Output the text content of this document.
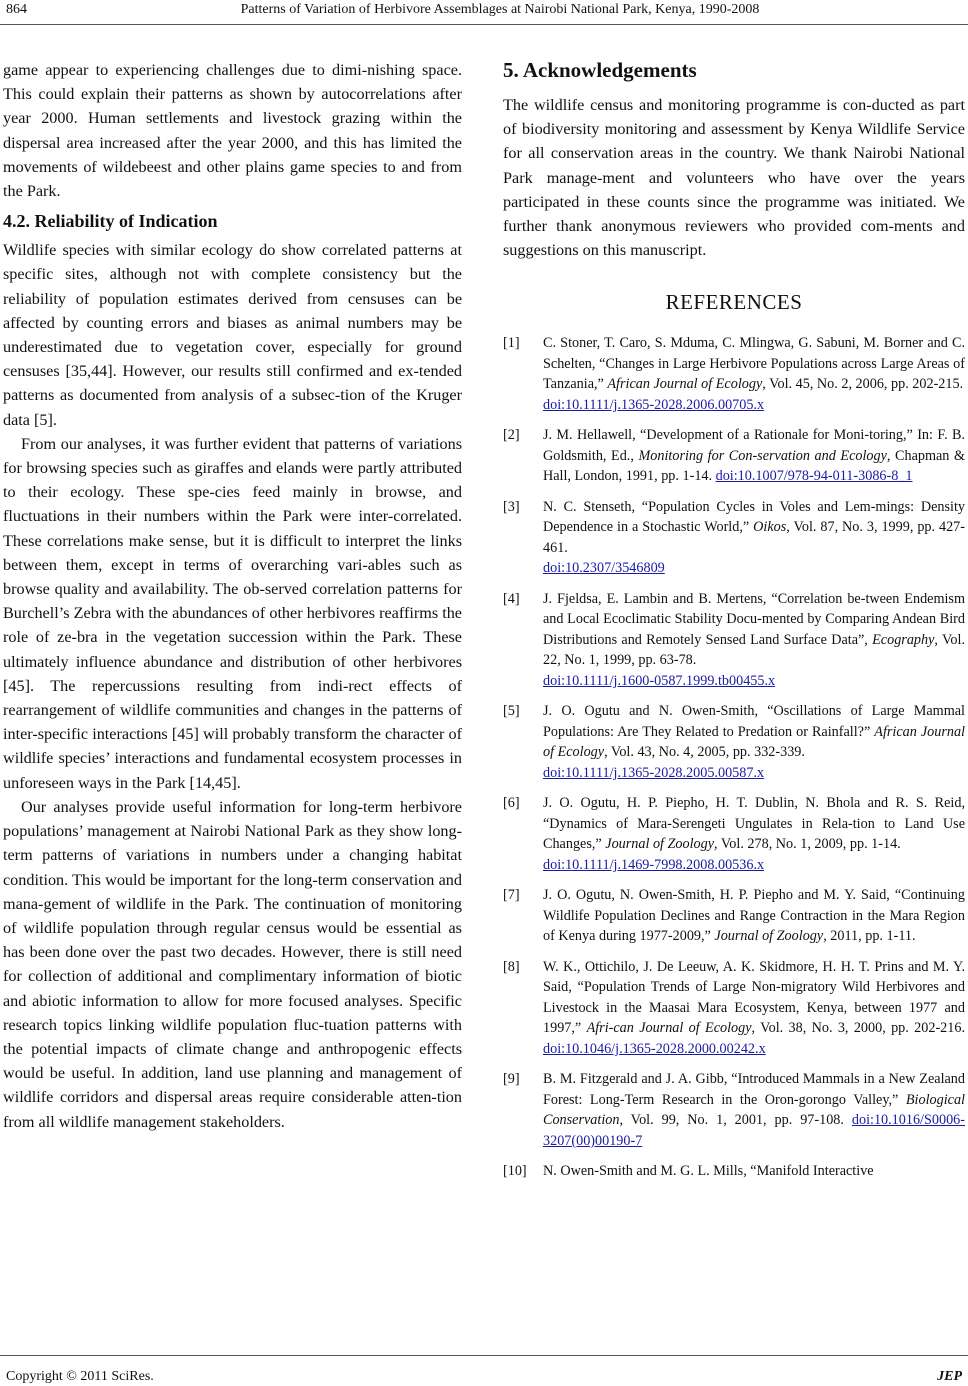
864	Patterns of Variation of Herbivore Assemblages at Nairobi National Park, Kenya, 1990-2008

game appear to experiencing challenges due to dimi-nishing space. This could explain their patterns as shown by autocorrelations after year 2000. Human settlements and livestock grazing within the dispersal area increased after the year 2000, and this has limited the movements of wildebeest and other plains game species to and from the Park.

4.2. Reliability of Indication

Wildlife species with similar ecology do show correlated patterns at specific sites, although not with complete consistency but the reliability of population estimates derived from censuses can be affected by counting errors and biases as animal numbers may be underestimated due to vegetation cover, especially for ground censuses [35,44]. However, our results still confirmed and ex-tended patterns as documented from analysis of a subsec-tion of the Kruger data [5].

From our analyses, it was further evident that patterns of variations for browsing species such as giraffes and elands were partly attributed to their ecology. These spe-cies feed mainly in browse, and fluctuations in their numbers within the Park were inter-correlated. These correlations make sense, but it is difficult to interpret the links between them, except in terms of overarching vari-ables such as browse quality and availability. The ob-served correlation patterns for Burchell’s Zebra with the abundances of other herbivores reaffirms the role of ze-bra in the vegetation succession within the Park. These ultimately influence abundance and distribution of other herbivores [45]. The repercussions resulting from indi-rect effects of rearrangement of wildlife communities and changes in the patterns of inter-specific interactions [45] will probably transform the character of wildlife species’ interactions and fundamental ecosystem processes in unforeseen ways in the Park [14,45].

Our analyses provide useful information for long-term herbivore populations’ management at Nairobi National Park as they show long-term patterns of variations in numbers under a changing habitat condition. This would be important for the long-term conservation and mana-gement of wildlife in the Park. The continuation of monitoring of wildlife population through regular census would be essential as has been done over the past two decades. However, there is still need for collection of additional and complimentary information of biotic and abiotic information to allow for more focused analyses. Specific research topics linking wildlife population fluc-tuation patterns with the potential impacts of climate change and anthropogenic effects would be useful. In addition, land use planning and management of wildlife corridors and dispersal areas require considerable atten-tion from all wildlife management stakeholders.

5. Acknowledgements

The wildlife census and monitoring programme is con-ducted as part of biodiversity monitoring and assessment by Kenya Wildlife Service for all conservation areas in the country. We thank Nairobi National Park manage-ment and volunteers who have over the years participated in these counts since the programme was initiated. We further thank anonymous reviewers who provided com-ments and suggestions on this manuscript.

REFERENCES
[1]	C. Stoner, T. Caro, S. Mduma, C. Mlingwa, G. Sabuni, M. Borner and C. Schelten, “Changes in Large Herbivore Populations across Large Areas of Tanzania,” African Journal of Ecology, Vol. 45, No. 2, 2006, pp. 202-215.
doi:10.1111/j.1365-2028.2006.00705.x
[2]	J. M. Hellawell, “Development of a Rationale for Moni-toring,” In: F. B. Goldsmith, Ed., Monitoring for Con-servation and Ecology, Chapman & Hall, London, 1991, pp. 1-14. doi:10.1007/978-94-011-3086-8_1
[3]	N. C. Stenseth, “Population Cycles in Voles and Lem-mings: Density Dependence in a Stochastic World,” Oikos, Vol. 87, No. 3, 1999, pp. 427-461.
doi:10.2307/3546809
[4]	J. Fjeldsa, E. Lambin and B. Mertens, “Correlation be-tween Endemism and Local Ecoclimatic Stability Docu-mented by Comparing Andean Bird Distributions and Remotely Sensed Land Surface Data”, Ecography, Vol. 22, No. 1, 1999, pp. 63-78.
doi:10.1111/j.1600-0587.1999.tb00455.x
[5]	J. O. Ogutu and N. Owen-Smith, “Oscillations of Large Mammal Populations: Are They Related to Predation or Rainfall?” African Journal of Ecology, Vol. 43, No. 4, 2005, pp. 332-339.
doi:10.1111/j.1365-2028.2005.00587.x
[6]	J. O. Ogutu, H. P. Piepho, H. T. Dublin, N. Bhola and R. S. Reid, “Dynamics of Mara-Serengeti Ungulates in Rela-tion to Land Use Changes,” Journal of Zoology, Vol. 278, No. 1, 2009, pp. 1-14.
doi:10.1111/j.1469-7998.2008.00536.x
[7]	J. O. Ogutu, N. Owen-Smith, H. P. Piepho and M. Y. Said, “Continuing Wildlife Population Declines and Range Contraction in the Mara Region of Kenya during 1977-2009,” Journal of Zoology, 2011, pp. 1-11.
[8]	W. K., Ottichilo, J. De Leeuw, A. K. Skidmore, H. H. T. Prins and M. Y. Said, “Population Trends of Large Non-migratory Wild Herbivores and Livestock in the Maasai Mara Ecosystem, Kenya, between 1977 and 1997,” Afri-can Journal of Ecology, Vol. 38, No. 3, 2000, pp. 202-216. doi:10.1046/j.1365-2028.2000.00242.x
[9]	B. M. Fitzgerald and J. A. Gibb, “Introduced Mammals in a New Zealand Forest: Long-Term Research in the Oron-gorongo Valley,” Biological Conservation, Vol. 99, No. 1, 2001, pp. 97-108. doi:10.1016/S0006-3207(00)00190-7
[10]	N. Owen-Smith and M. G. L. Mills, “Manifold Interactive
Copyright © 2011 SciRes.	JEP
